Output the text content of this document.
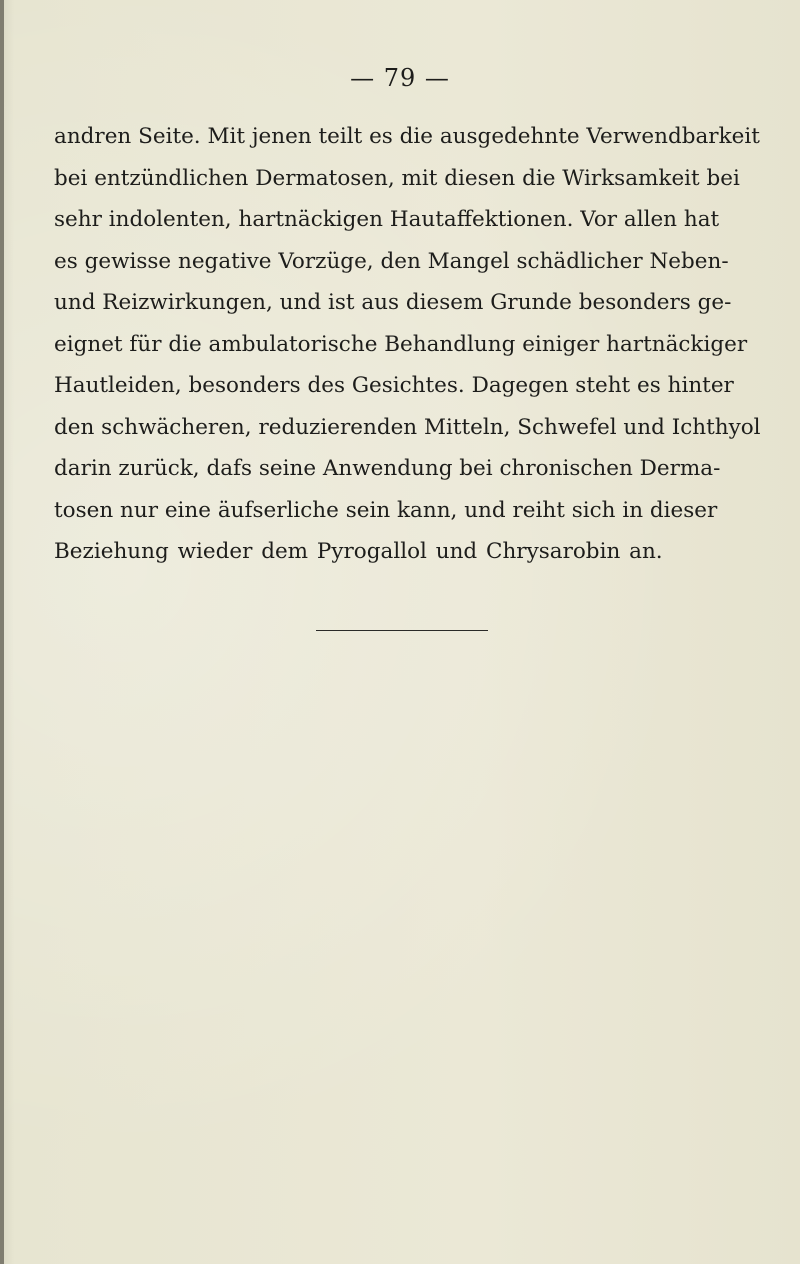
— 79 —
andren Seite. Mit jenen teilt es die ausgedehnte Verwendbarkeit
bei entzündlichen Dermatosen, mit diesen die Wirksamkeit bei
sehr indolenten, hartnäckigen Hautaffektionen. Vor allen hat
es gewisse negative Vorzüge, den Mangel schädlicher Neben-
und Reizwirkungen, und ist aus diesem Grunde besonders ge-
eignet für die ambulatorische Behandlung einiger hartnäckiger
Hautleiden, besonders des Gesichtes. Dagegen steht es hinter
den schwächeren, reduzierenden Mitteln, Schwefel und Ichthyol
darin zurück, dafs seine Anwendung bei chronischen Derma-
tosen nur eine äufserliche sein kann, und reiht sich in dieser
Beziehung wieder dem Pyrogallol und Chrysarobin an.
